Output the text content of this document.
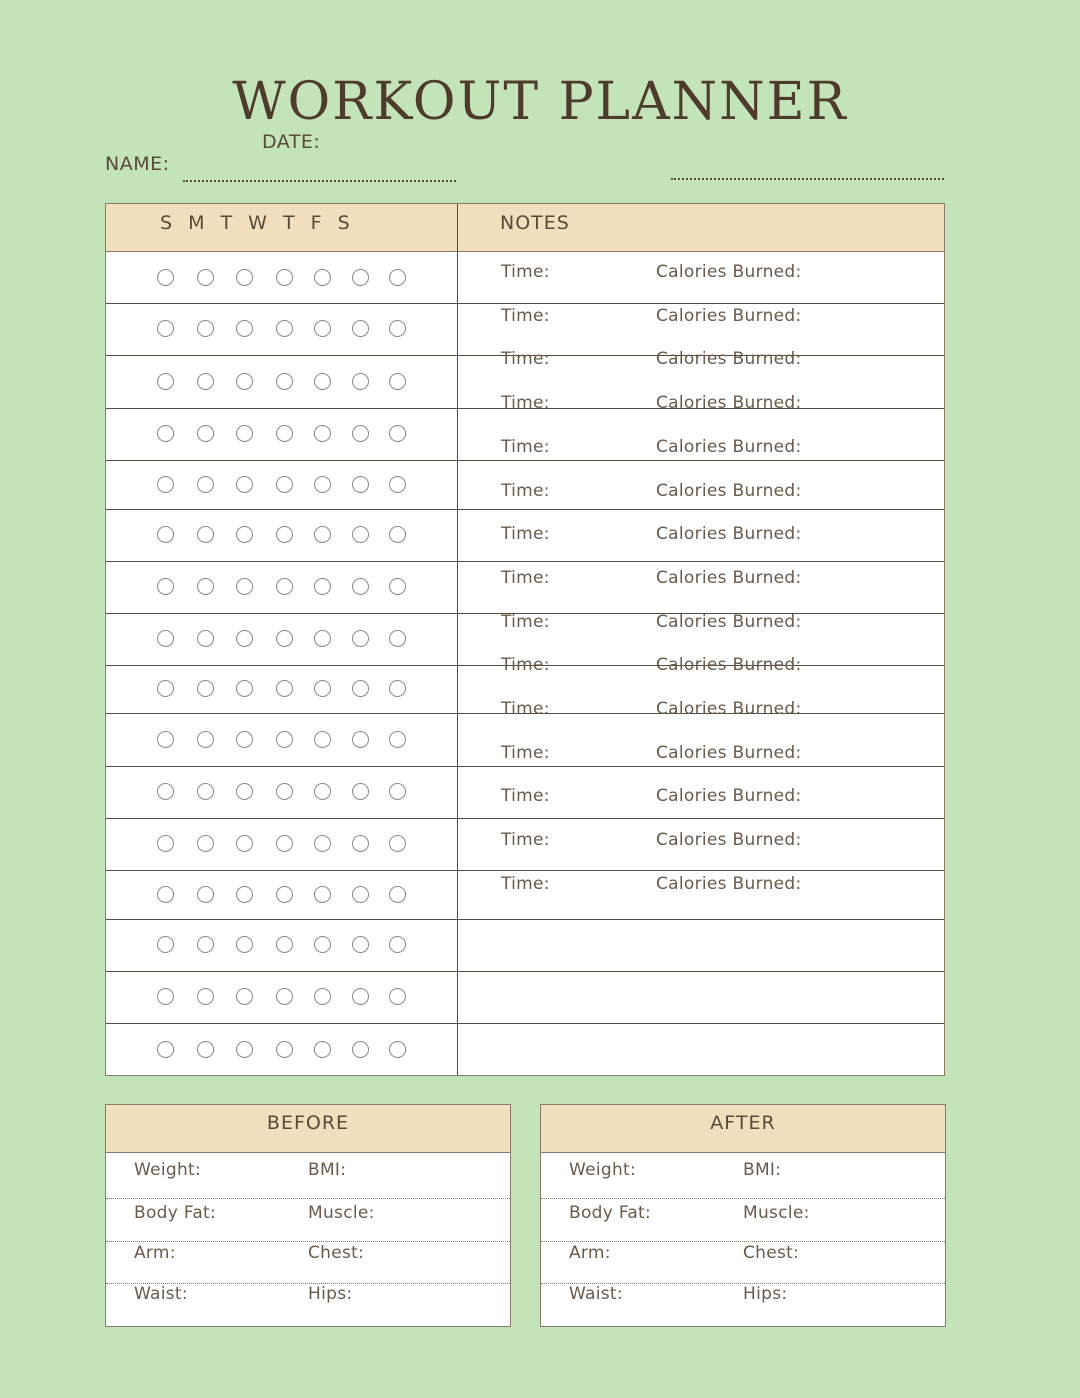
WORKOUT PLANNER
DATE:
NAME:
S M T W T F S	NOTES
Time:	Calories Burned:
Time:	Calories Burned:
Time:	Calories Burned:
Time:	Calories Burned:
Time:	Calories Burned:
Time:	Calories Burned:
Time:	Calories Burned:
Time:	Calories Burned:
Time:	Calories Burned:
Time:	Calories Burned:
Time:	Calories Burned:
Time:	Calories Burned:
Time:	Calories Burned:
Time:	Calories Burned:
Time:	Calories Burned:
BEFORE
Weight:	BMI:
Body Fat:	Muscle:
Arm:	Chest:
Waist:	Hips:
AFTER
Weight:	BMI:
Body Fat:	Muscle:
Arm:	Chest:
Waist:	Hips:
